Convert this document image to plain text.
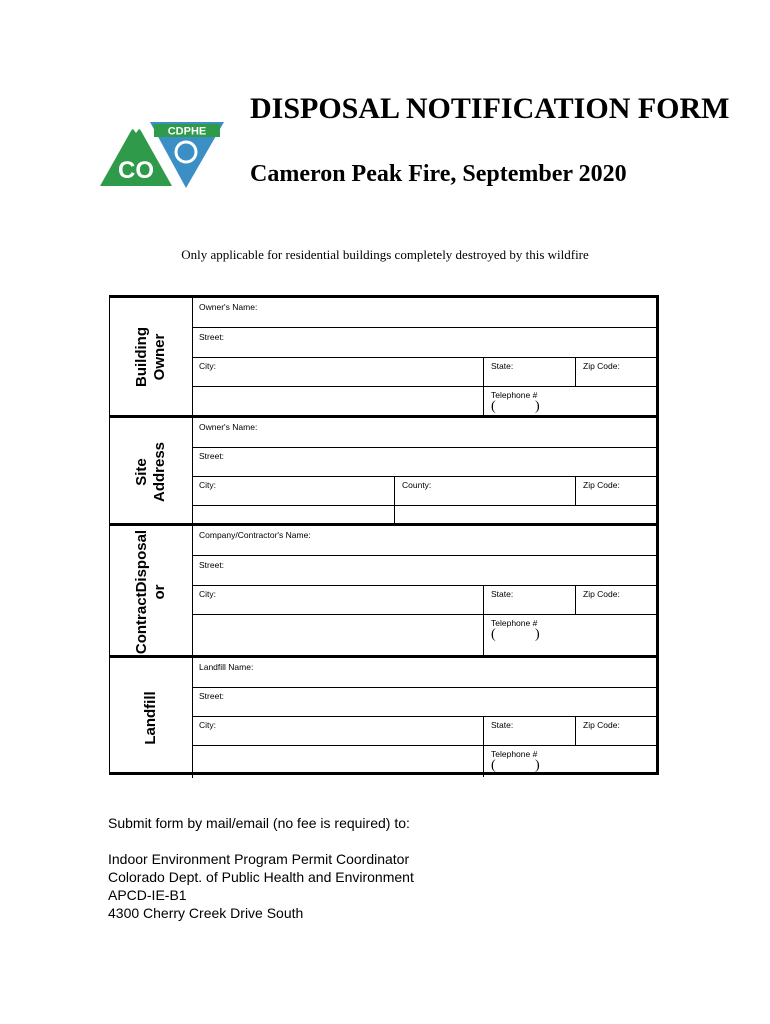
CDPHE
CO
DISPOSAL NOTIFICATION FORM
Cameron Peak Fire, September 2020
Only applicable for residential buildings completely destroyed by this wildfire
Building
Owner
Owner's Name:
Street:
City:	State:	Zip Code:
Telephone #
(	)
Site
Address
Owner's Name:
Street:
City:	County:	Zip Code:
ContractDisposal
or
Company/Contractor's Name:
Street:
City:	State:	Zip Code:
Telephone #
(	)
Landfill
Landfill Name:
Street:
City:	State:	Zip Code:
Telephone #
(	)

Submit form by mail/email (no fee is required) to:

Indoor Environment Program Permit Coordinator

Colorado Dept. of Public Health and Environment

APCD-IE-B1

4300 Cherry Creek Drive South
